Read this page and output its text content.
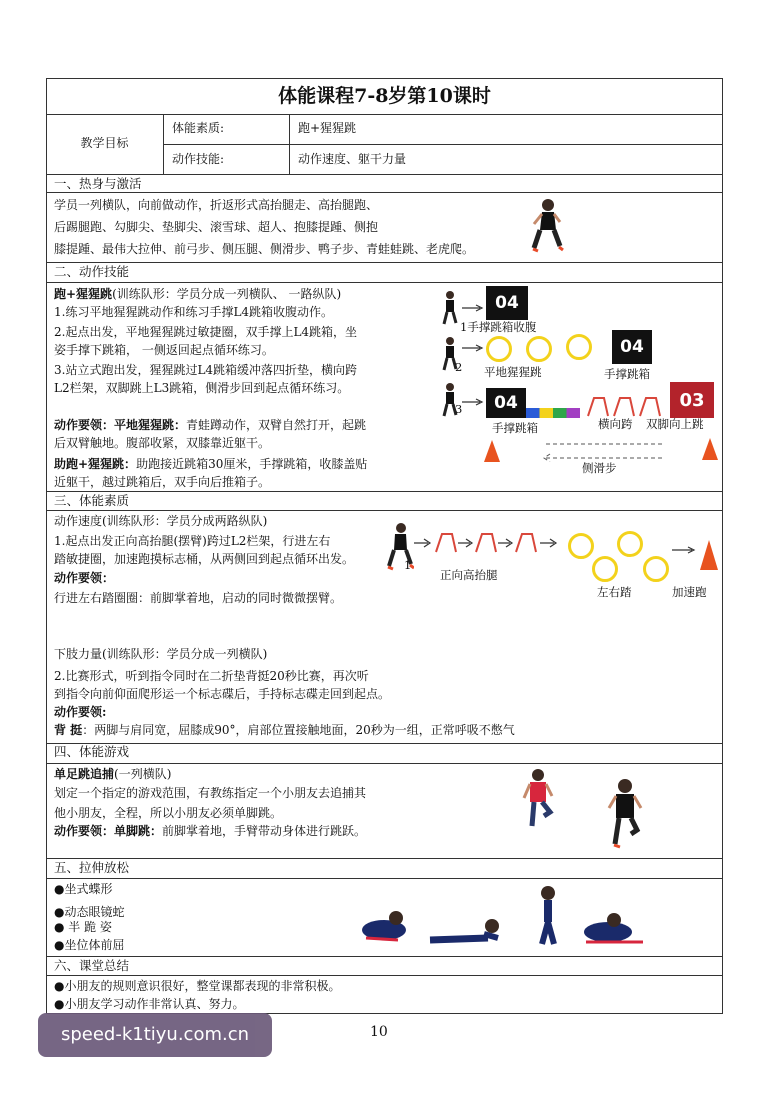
体能课程7-8岁第10课时
教学目标
体能素质:	跑+猩猩跳
动作技能:	动作速度、躯干力量
一、热身与激活
学员一列横队，向前做动作，折返形式高抬腿走、高抬腿跑、
后踢腿跑、勾脚尖、垫脚尖、滚雪球、超人、抱膝提踵、侧抱
膝提踵、最伟大拉伸、前弓步、侧压腿、侧滑步、鸭子步、青蛙蛙跳、老虎爬。
二、动作技能
跑+猩猩跳(训练队形：学员分成一列横队、 一路纵队)
1.练习平地猩猩跳动作和练习手撑L4跳箱收腹动作。
2.起点出发，平地猩猩跳过敏捷圈，双手撑上L4跳箱，坐
姿手撑下跳箱， 一侧返回起点循环练习。
3.站立式跑出发，猩猩跳过L4跳箱缓冲落四折垫，横向跨
L2栏架，双脚跳上L3跳箱，侧滑步回到起点循环练习。
动作要领：平地猩猩跳：青蛙蹲动作，双臂自然打开，起跳
后双臂触地。腹部收紧，双膝靠近躯干。
助跑+猩猩跳：助跑接近跳箱30厘米，手撑跳箱，收膝盖贴
近躯干，越过跳箱后，双手向后推箱子。
04
1手撑跳箱收腹
2
04
平地猩猩跳	手撑跳箱
3	04	03
手撑跳箱	横向跨 双脚向上跳
侧滑步
三、体能素质
动作速度(训练队形：学员分成两路纵队)
1.起点出发正向高抬腿(摆臂)跨过L2栏架，行进左右
踏敏捷圈，加速跑摸标志桶，从两侧回到起点循环出发。
动作要领：
行进左右踏圈圈：前脚掌着地，启动的同时微微摆臂。
1
正向高抬腿
左右踏	加速跑
下肢力量(训练队形：学员分成一列横队)
2.比赛形式，听到指令同时在二折垫背挺20秒比赛，再次听
到指令向前仰面爬形运一个标志碟后，手持标志碟走回到起点。
动作要领:
背 挺：两脚与肩同宽，屈膝成90°，肩部位置接触地面，20秒为一组，正常呼吸不憋气
四、体能游戏
单足跳追捕(一列横队)
划定一个指定的游戏范围，有教练指定一个小朋友去追捕其
他小朋友，全程，所以小朋友必须单脚跳。
动作要领：单脚跳：前脚掌着地，手臂带动身体进行跳跃。
五、拉伸放松
●坐式蝶形
●动态眼镜蛇
● 半 跪 姿
●坐位体前屈
六、课堂总结
●小朋友的规则意识很好，整堂课都表现的非常积极。
●小朋友学习动作非常认真、努力。
10
speed-k1tiyu.com.cn
